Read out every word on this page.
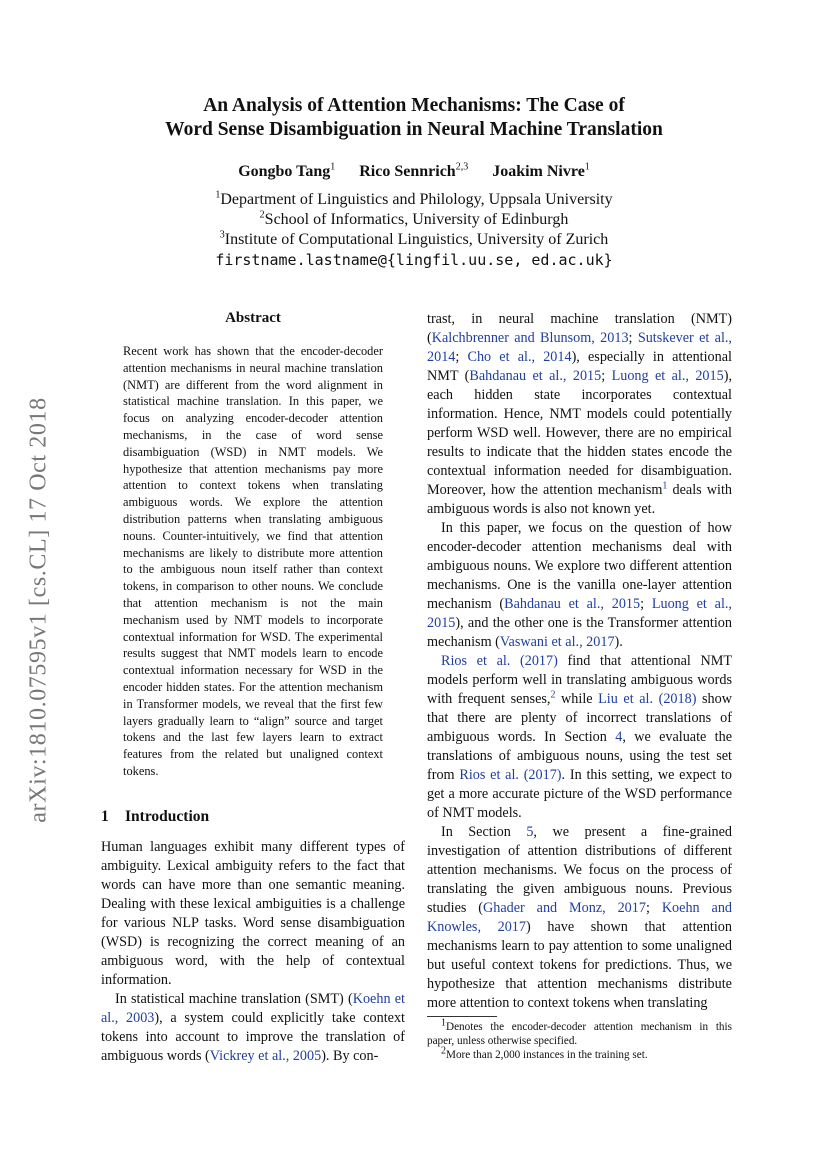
An Analysis of Attention Mechanisms: The Case of
Word Sense Disambiguation in Neural Machine Translation
Gongbo Tang$^1$ Rico Sennrich$^{2,3}$ Joakim Nivre$^1$
$^1$Department of Linguistics and Philology, Uppsala University
$^2$School of Informatics, University of Edinburgh
$^3$Institute of Computational Linguistics, University of Zurich
firstname.lastname@{lingfil.uu.se, ed.ac.uk}
arXiv:1810.07595v1 [cs.CL] 17 Oct 2018
Abstract
Recent work has shown that the encoder-decoder attention mechanisms in neural machine translation (NMT) are different from the word alignment in statistical machine translation. In this paper, we focus on analyzing encoder-decoder attention mechanisms, in the case of word sense disambiguation (WSD) in NMT models. We hypothesize that attention mechanisms pay more attention to context tokens when translating ambiguous words. We explore the attention distribution patterns when translating ambiguous nouns. Counter-intuitively, we find that attention mechanisms are likely to distribute more attention to the ambiguous noun itself rather than context tokens, in comparison to other nouns. We conclude that attention mechanism is not the main mechanism used by NMT models to incorporate contextual information for WSD. The experimental results suggest that NMT models learn to encode contextual information necessary for WSD in the encoder hidden states. For the attention mechanism in Transformer models, we reveal that the first few layers gradually learn to “align” source and target tokens and the last few layers learn to extract features from the related but unaligned context tokens.
1 Introduction

Human languages exhibit many different types of ambiguity. Lexical ambiguity refers to the fact that words can have more than one semantic meaning. Dealing with these lexical ambiguities is a challenge for various NLP tasks. Word sense disambiguation (WSD) is recognizing the correct meaning of an ambiguous word, with the help of contextual information.

In statistical machine translation (SMT) (Koehn et al., 2003), a system could explicitly take context tokens into account to improve the translation of ambiguous words (Vickrey et al., 2005). By con-

trast, in neural machine translation (NMT) (Kalchbrenner and Blunsom, 2013; Sutskever et al., 2014; Cho et al., 2014), especially in attentional NMT (Bahdanau et al., 2015; Luong et al., 2015), each hidden state incorporates contextual information. Hence, NMT models could potentially perform WSD well. However, there are no empirical results to indicate that the hidden states encode the contextual information needed for disambiguation. Moreover, how the attention mechanism$^1$ deals with ambiguous words is also not known yet.

In this paper, we focus on the question of how encoder-decoder attention mechanisms deal with ambiguous nouns. We explore two different attention mechanisms. One is the vanilla one-layer attention mechanism (Bahdanau et al., 2015; Luong et al., 2015), and the other one is the Transformer attention mechanism (Vaswani et al., 2017).

Rios et al. (2017) find that attentional NMT models perform well in translating ambiguous words with frequent senses,$^2$ while Liu et al. (2018) show that there are plenty of incorrect translations of ambiguous words. In Section 4, we evaluate the translations of ambiguous nouns, using the test set from Rios et al. (2017). In this setting, we expect to get a more accurate picture of the WSD performance of NMT models.

In Section 5, we present a fine-grained investigation of attention distributions of different attention mechanisms. We focus on the process of translating the given ambiguous nouns. Previous studies (Ghader and Monz, 2017; Koehn and Knowles, 2017) have shown that attention mechanisms learn to pay attention to some unaligned but useful context tokens for predictions. Thus, we hypothesize that attention mechanisms distribute more attention to context tokens when translating

$^1$Denotes the encoder-decoder attention mechanism in this paper, unless otherwise specified.
$^2$More than 2,000 instances in the training set.
